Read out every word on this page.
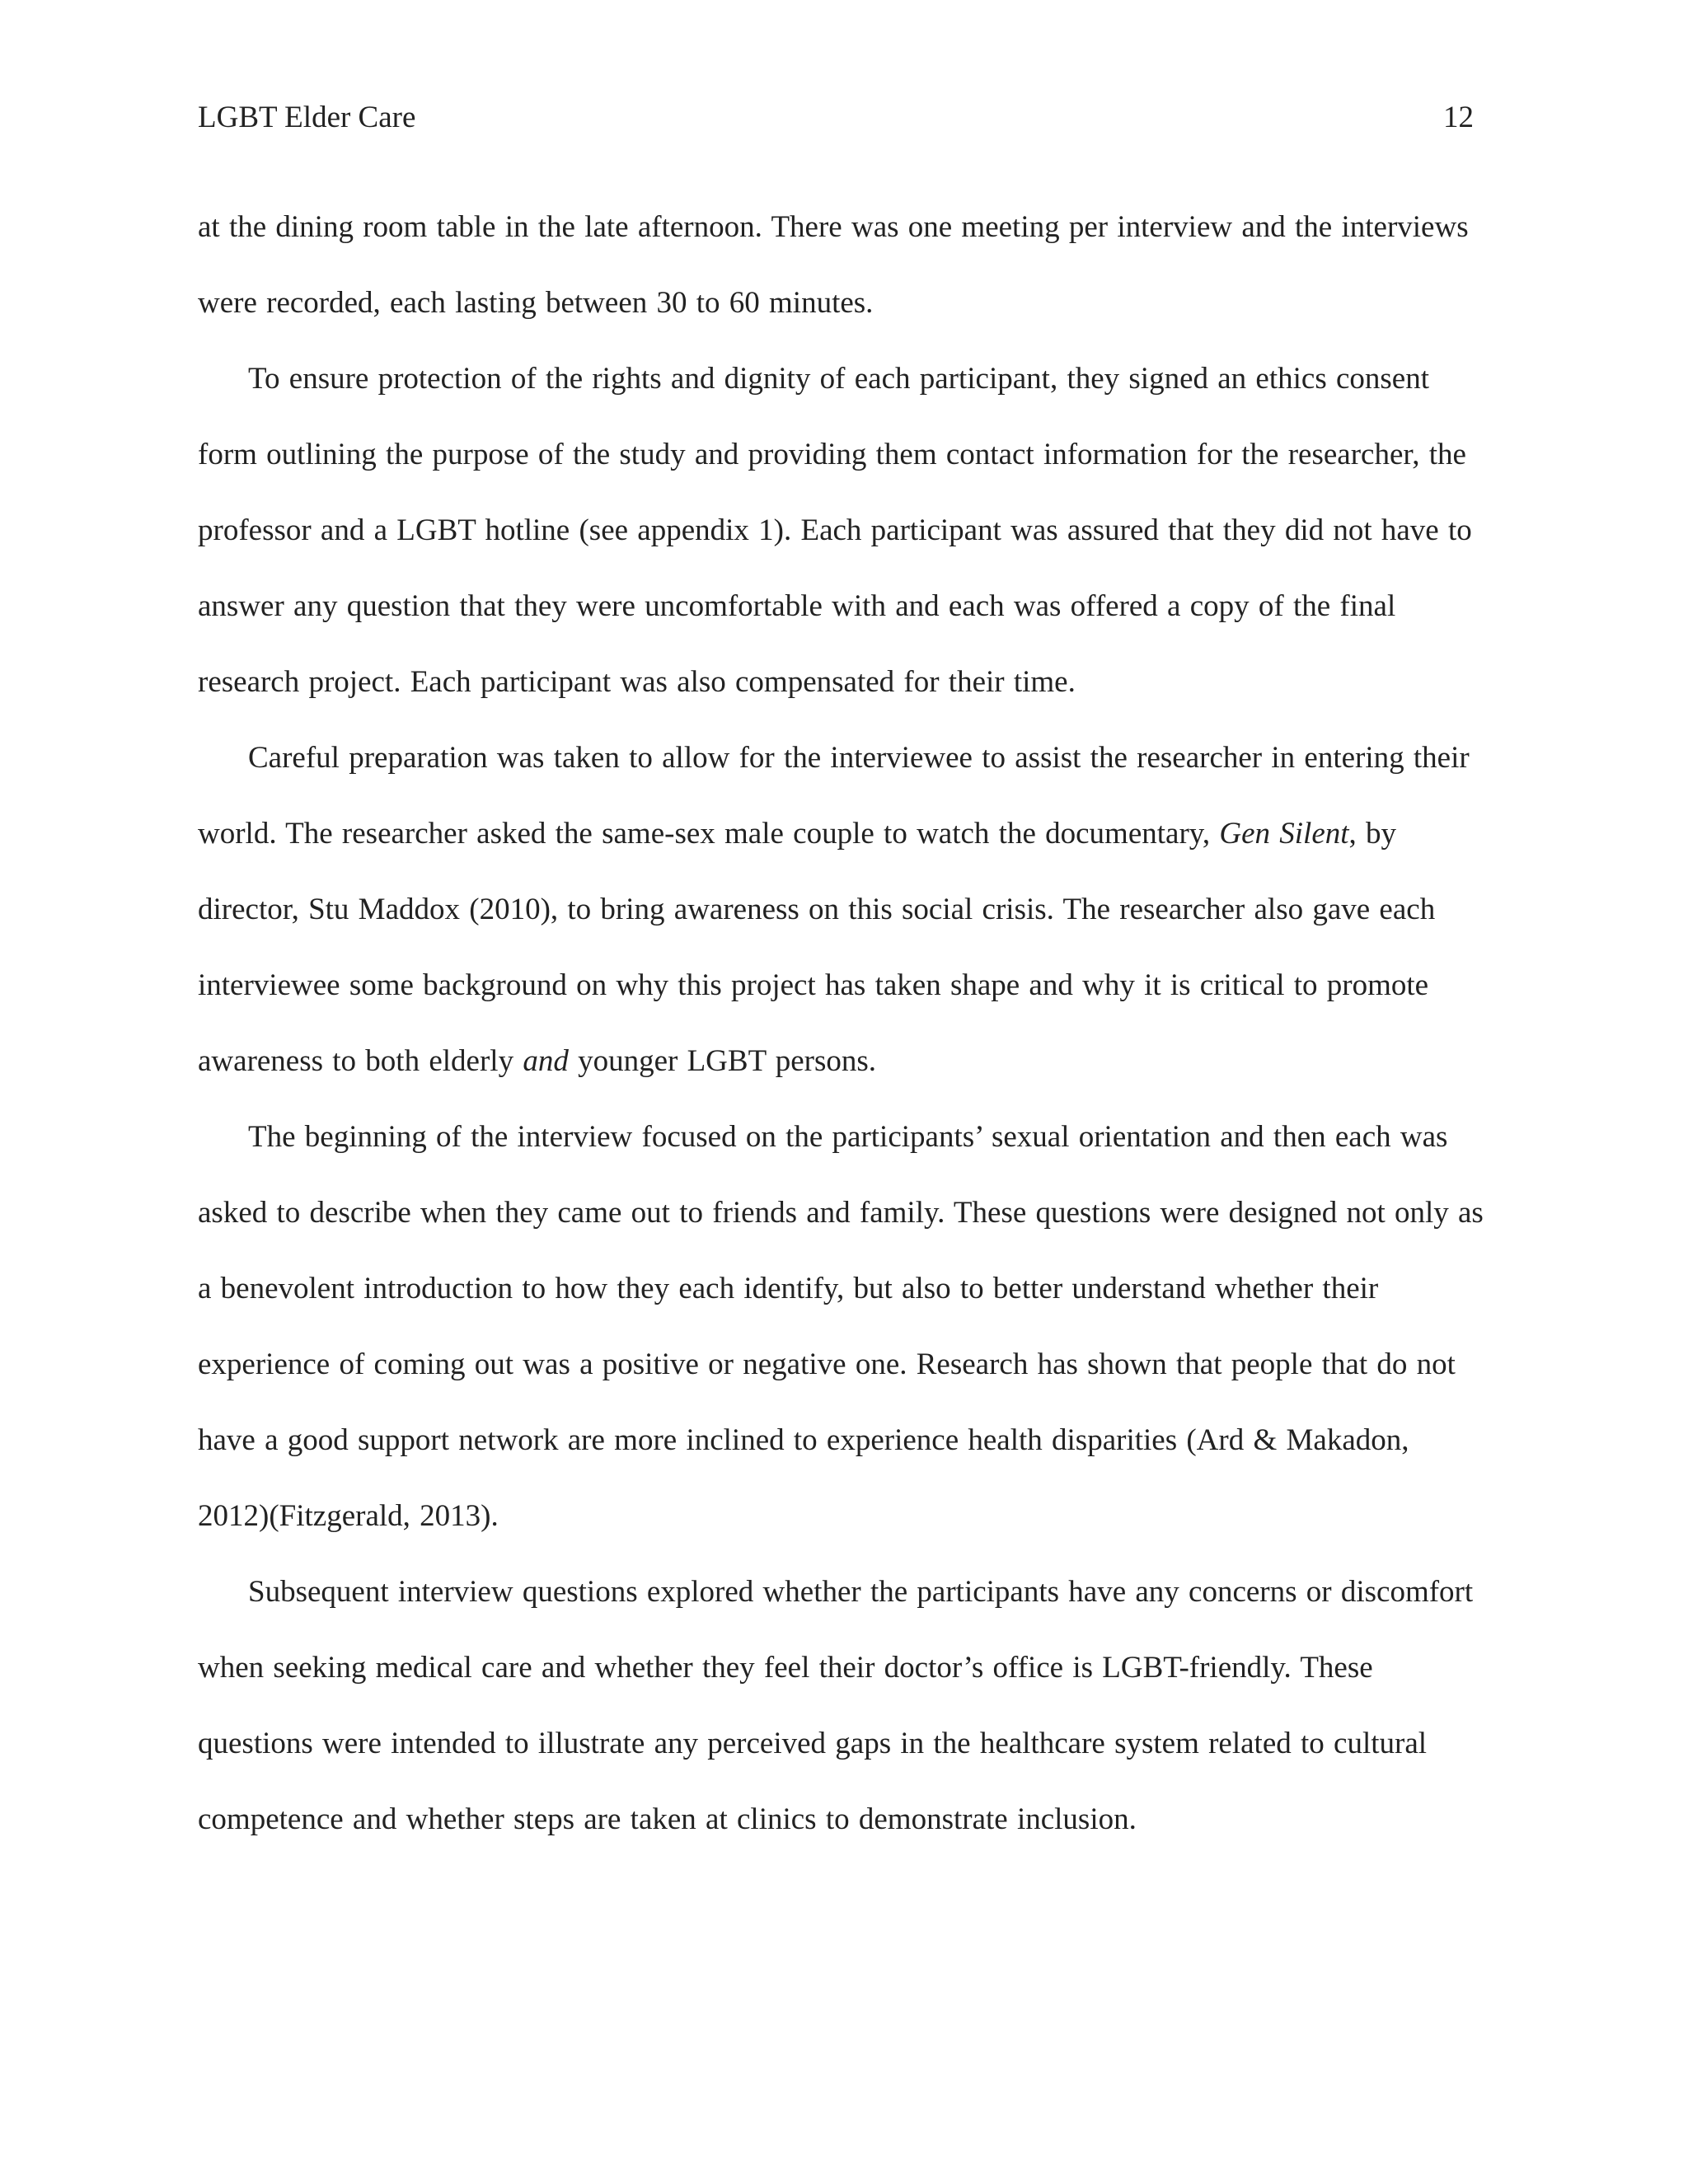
LGBT Elder Care	12

at the dining room table in the late afternoon. There was one meeting per interview and the interviews were recorded, each lasting between 30 to 60 minutes.

To ensure protection of the rights and dignity of each participant, they signed an ethics consent form outlining the purpose of the study and providing them contact information for the researcher, the professor and a LGBT hotline (see appendix 1). Each participant was assured that they did not have to answer any question that they were uncomfortable with and each was offered a copy of the final research project. Each participant was also compensated for their time.

Careful preparation was taken to allow for the interviewee to assist the researcher in entering their world. The researcher asked the same-sex male couple to watch the documentary, Gen Silent, by director, Stu Maddox (2010), to bring awareness on this social crisis. The researcher also gave each interviewee some background on why this project has taken shape and why it is critical to promote awareness to both elderly and younger LGBT persons.

The beginning of the interview focused on the participants’ sexual orientation and then each was asked to describe when they came out to friends and family. These questions were designed not only as a benevolent introduction to how they each identify, but also to better understand whether their experience of coming out was a positive or negative one. Research has shown that people that do not have a good support network are more inclined to experience health disparities (Ard & Makadon, 2012)(Fitzgerald, 2013).

Subsequent interview questions explored whether the participants have any concerns or discomfort when seeking medical care and whether they feel their doctor’s office is LGBT-friendly. These questions were intended to illustrate any perceived gaps in the healthcare system related to cultural competence and whether steps are taken at clinics to demonstrate inclusion.
